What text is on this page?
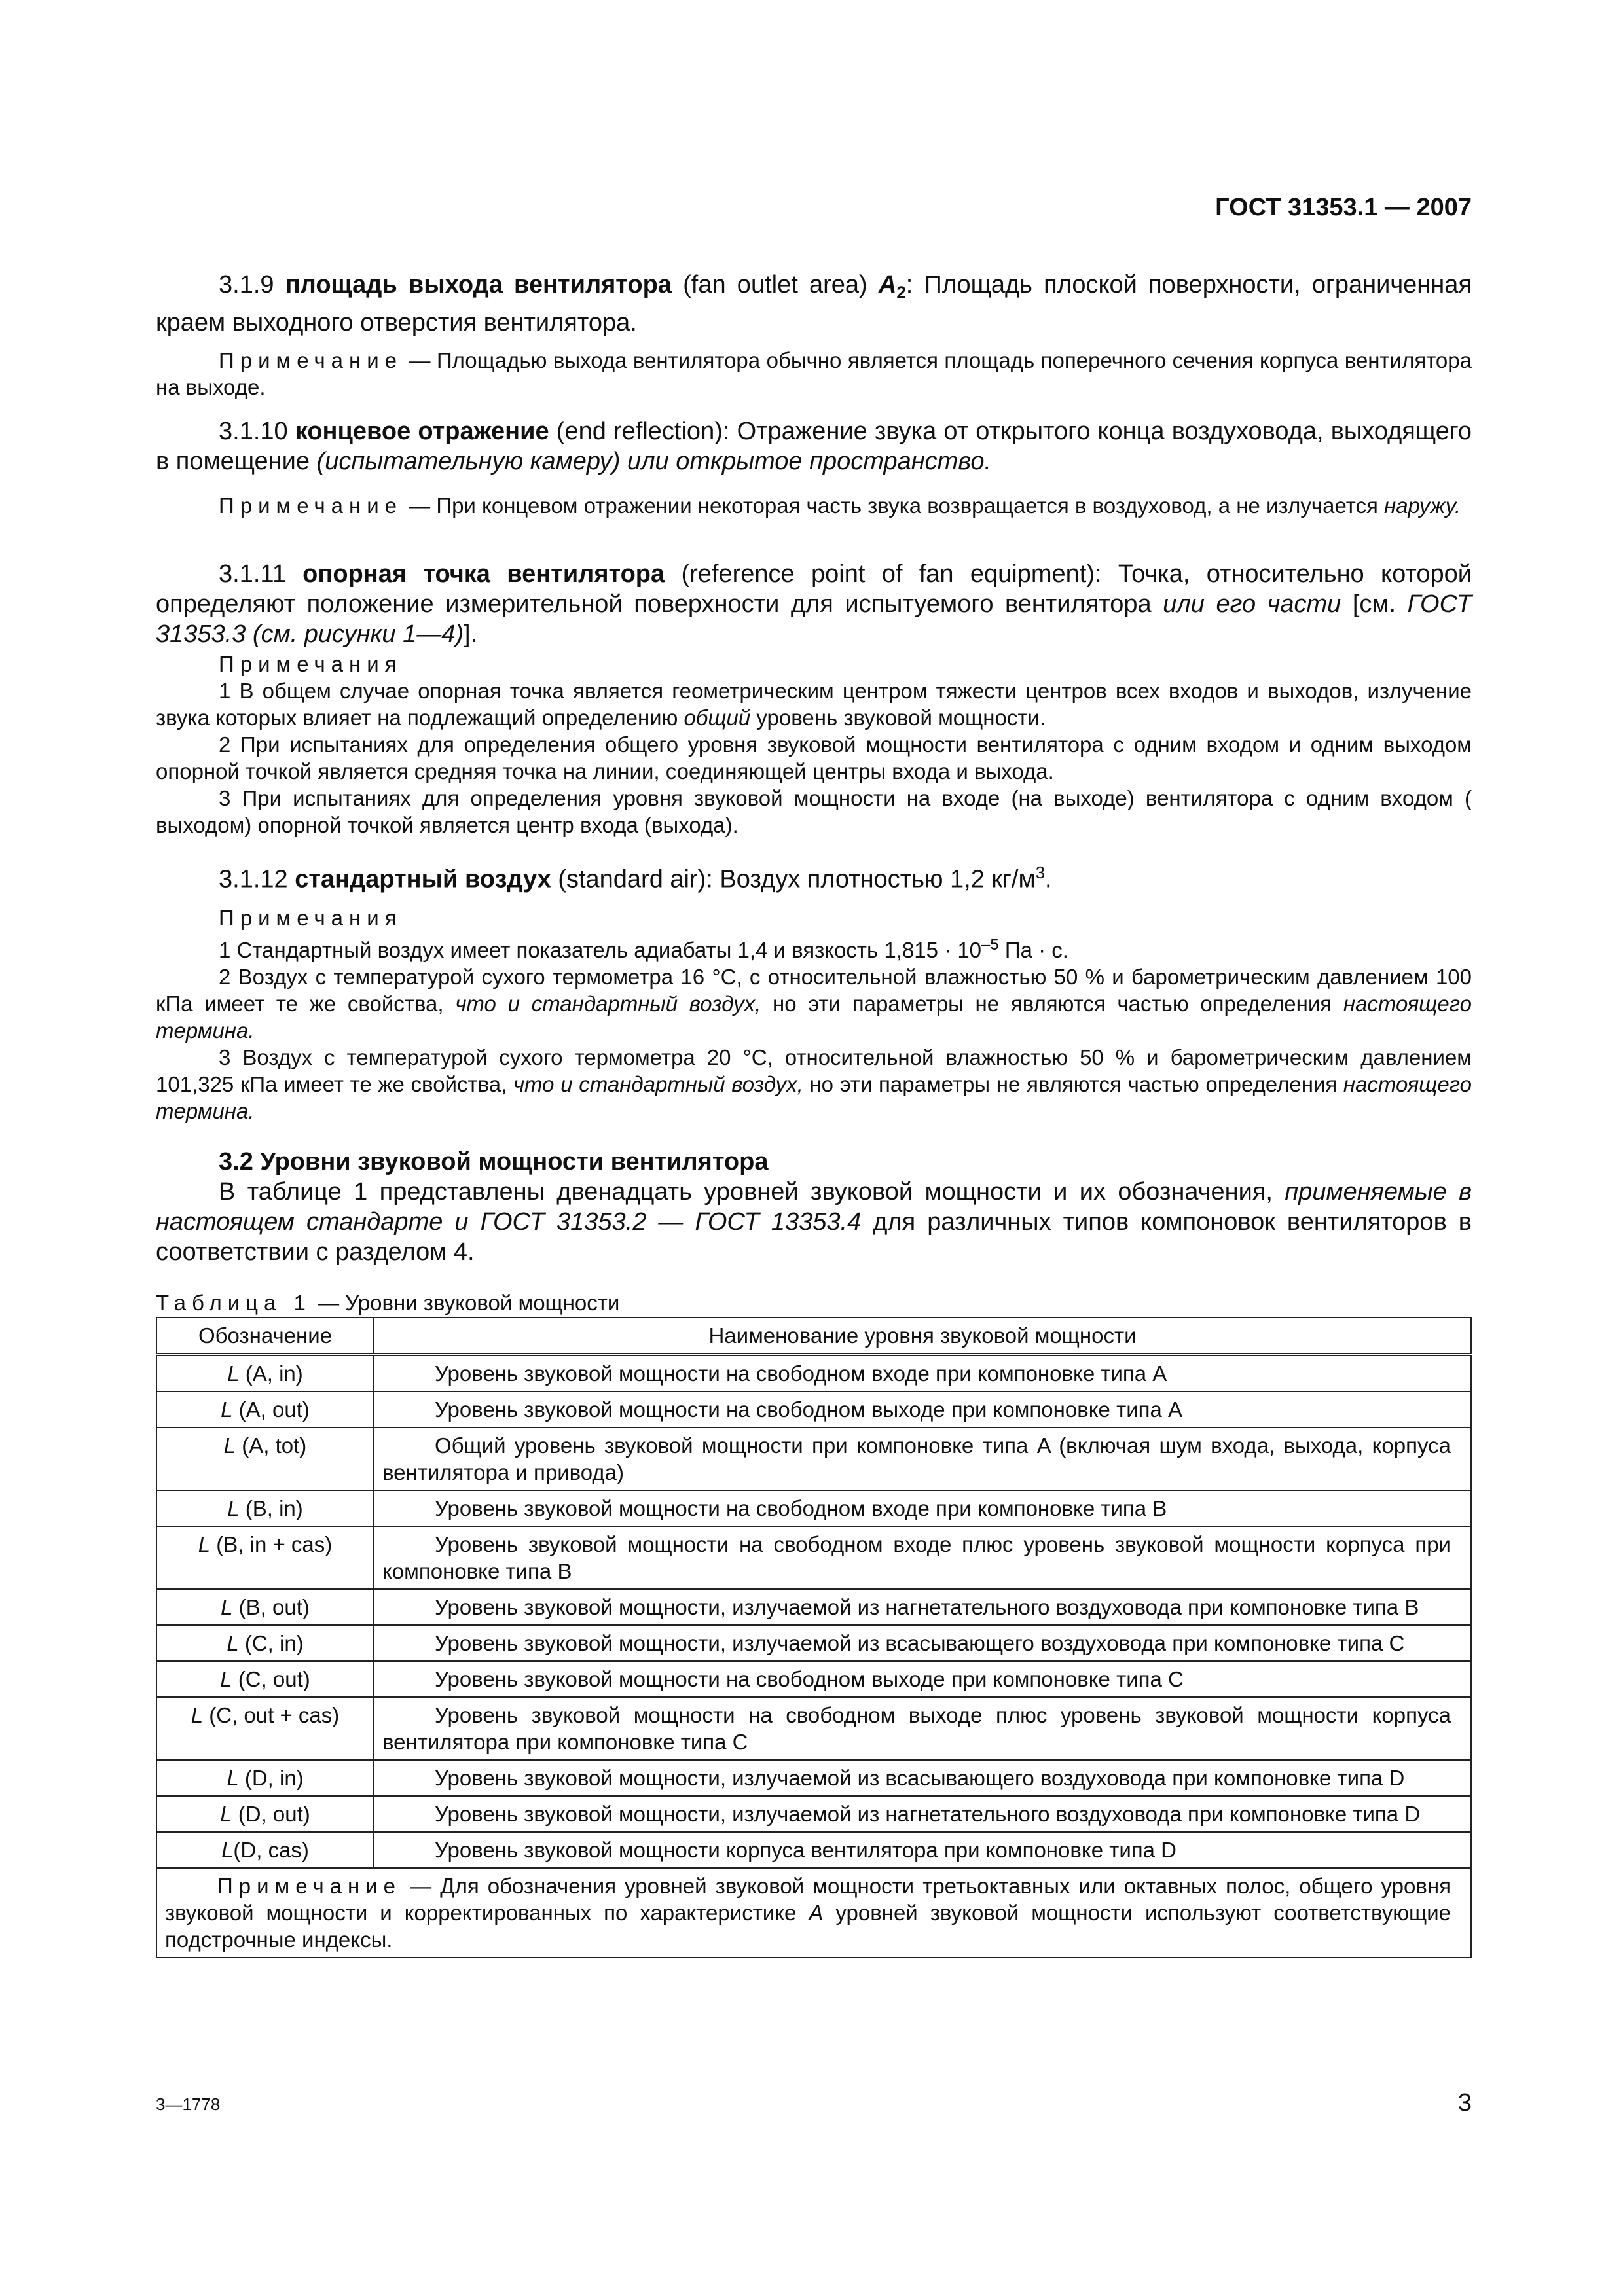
ГОСТ 31353.1 — 2007

3.1.9 площадь выхода вентилятора (fan outlet area) $A_2$: Площадь плоской поверхности, ограниченная краем выходного отверстия вентилятора.

Примечание — Площадью выхода вентилятора обычно является площадь поперечного сечения корпуса вентилятора на выходе.

3.1.10 концевое отражение (end reflection): Отражение звука от открытого конца воздуховода, выходящего в помещение (испытательную камеру) или открытое пространство.

Примечание — При концевом отражении некоторая часть звука возвращается в воздуховод, а не излучается наружу.

3.1.11 опорная точка вентилятора (reference point of fan equipment): Точка, относительно которой определяют положение измерительной поверхности для испытуемого вентилятора или его части [см. ГОСТ 31353.3 (см. рисунки 1—4)].

Примечания

1 В общем случае опорная точка является геометрическим центром тяжести центров всех входов и выходов, излучение звука которых влияет на подлежащий определению общий уровень звуковой мощности.

2 При испытаниях для определения общего уровня звуковой мощности вентилятора с одним входом и одним выходом опорной точкой является средняя точка на линии, соединяющей центры входа и выхода.

3 При испытаниях для определения уровня звуковой мощности на входе (на выходе) вентилятора с одним входом ( выходом) опорной точкой является центр входа (выхода).

3.1.12 стандартный воздух (standard air): Воздух плотностью 1,2 $кг/м^3$.

Примечания

1 Стандартный воздух имеет показатель адиабаты 1,4 и вязкость $1,815 \cdot 10^{-5}$ Па · с.

2 Воздух с температурой сухого термометра 16 °С, с относительной влажностью 50 % и барометрическим давлением 100 кПа имеет те же свойства, что и стандартный воздух, но эти параметры не являются частью определения настоящего термина.

3 Воздух с температурой сухого термометра 20 °С, относительной влажностью 50 % и барометрическим давлением 101,325 кПа имеет те же свойства, что и стандартный воздух, но эти параметры не являются частью определения настоящего термина.

3.2 Уровни звуковой мощности вентилятора

В таблице 1 представлены двенадцать уровней звуковой мощности и их обозначения, применяемые в настоящем стандарте и ГОСТ 31353.2 — ГОСТ 13353.4 для различных типов компоновок вентиляторов в соответствии с разделом 4.

Таблица 1 — Уровни звуковой мощности
Обозначение	Наименование уровня звуковой мощности
L (A, in)	Уровень звуковой мощности на свободном входе при компоновке типа A
L (A, out)	Уровень звуковой мощности на свободном выходе при компоновке типа A
L (A, tot)	Общий уровень звуковой мощности при компоновке типа A (включая шум входа, выхода, корпуса вентилятора и привода)
L (B, in)	Уровень звуковой мощности на свободном входе при компоновке типа B
L (B, in + cas)	Уровень звуковой мощности на свободном входе плюс уровень звуковой мощности корпуса при компоновке типа B
L (B, out)	Уровень звуковой мощности, излучаемой из нагнетательного воздуховода при компоновке типа B
L (C, in)	Уровень звуковой мощности, излучаемой из всасывающего воздуховода при компоновке типа C
L (C, out)	Уровень звуковой мощности на свободном выходе при компоновке типа C
L (C, out + cas)	Уровень звуковой мощности на свободном выходе плюс уровень звуковой мощности корпуса вентилятора при компоновке типа C
L (D, in)	Уровень звуковой мощности, излучаемой из всасывающего воздуховода при компоновке типа D
L (D, out)	Уровень звуковой мощности, излучаемой из нагнетательного воздуховода при компоновке типа D
L(D, cas)	Уровень звуковой мощности корпуса вентилятора при компоновке типа D
Примечание — Для обозначения уровней звуковой мощности третьоктавных или октавных полос, общего уровня звуковой мощности и корректированных по характеристике A уровней звуковой мощности используют соответствующие подстрочные индексы.	
3—1778	3
